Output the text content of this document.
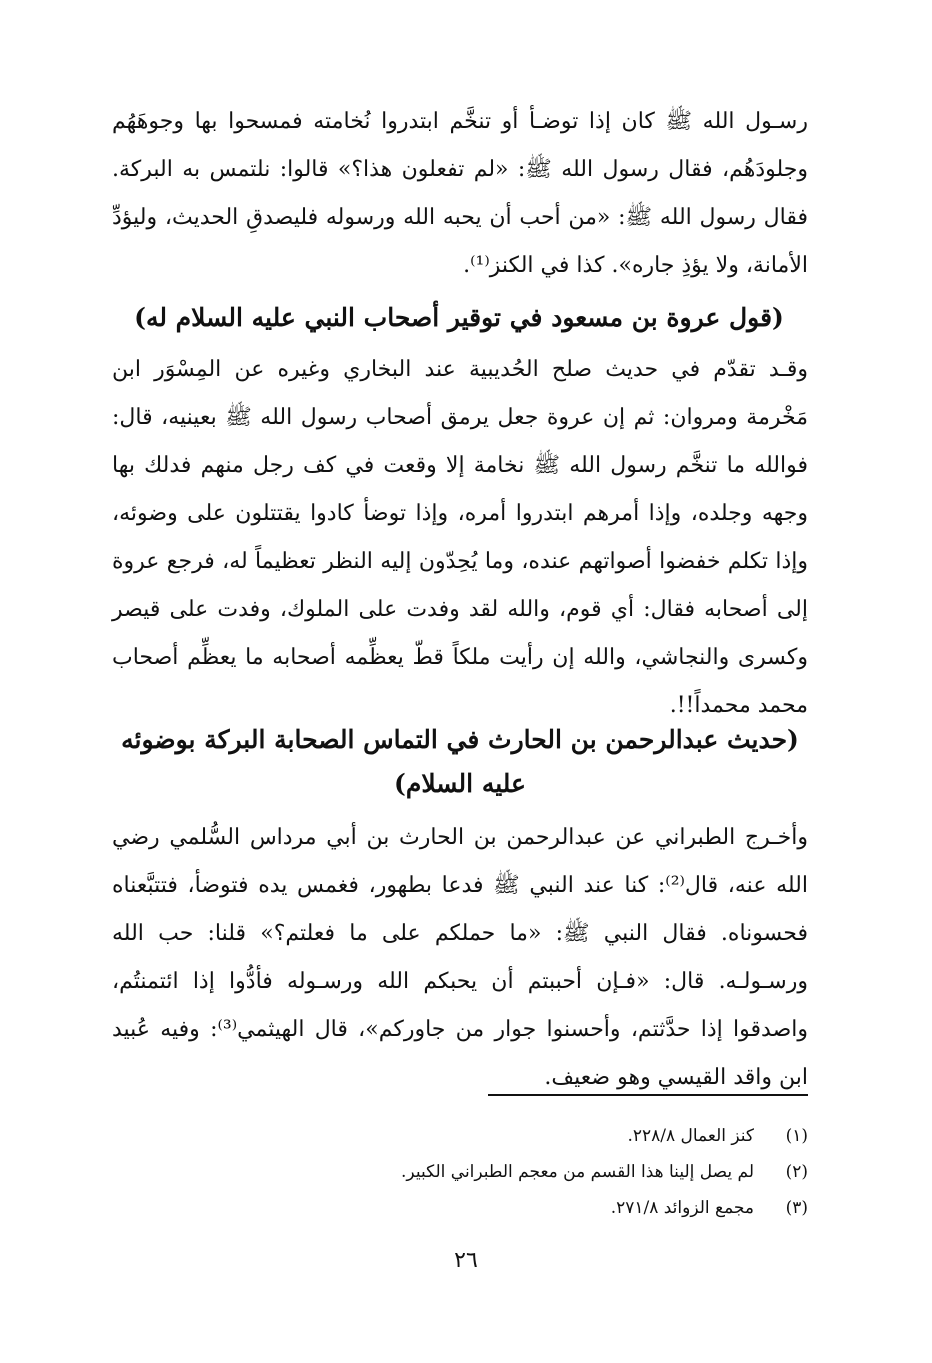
رسـول الله ﷺ كان إذا توضـأ أو تنخَّم ابتدروا نُخامته فمسحوا بها وجوهَهُم وجلودَهُم، فقال رسول الله ﷺ: «لم تفعلون هذا؟» قالوا: نلتمس به البركة. فقال رسول الله ﷺ: «من أحب أن يحبه الله ورسوله فليصدقِ الحديث، وليؤدِّ الأمانة، ولا يؤذِ جاره». كذا في الكنز⁽¹⁾.

(قول عروة بن مسعود في توقير أصحاب النبي عليه السلام له)

وقـد تقدّم في حديث صلح الحُديبية عند البخاري وغيره عن المِسْوَر ابن مَخْرمة ومروان: ثم إن عروة جعل يرمق أصحاب رسول الله ﷺ بعينيه، قال: فوالله ما تنخَّم رسول الله ﷺ نخامة إلا وقعت في كف رجل منهم فدلك بها وجهه وجلده، وإذا أمرهم ابتدروا أمره، وإذا توضأ كادوا يقتتلون على وضوئه، وإذا تكلم خفضوا أصواتهم عنده، وما يُحِدّون إليه النظر تعظيماً له، فرجع عروة إلى أصحابه فقال: أي قوم، والله لقد وفدت على الملوك، وفدت على قيصر وكسرى والنجاشي، والله إن رأيت ملكاً قطّ يعظِّمه أصحابه ما يعظِّم أصحاب محمد محمداً!!.

(حديث عبدالرحمن بن الحارث في التماس الصحابة البركة بوضوئه عليه السلام)

وأخـرج الطبراني عن عبدالرحمن بن الحارث بن أبي مرداس السُّلمي رضي الله عنه، قال⁽²⁾: كنا عند النبي ﷺ فدعا بطهور، فغمس يده فتوضأ، فتتبَّعناه فحسوناه. فقال النبي ﷺ: «ما حملكم على ما فعلتم؟» قلنا: حب الله ورسـولـه. قال: «فـإن أحببتم أن يحبكم الله ورسـوله فأدُّوا إذا ائتمنتُم، واصدقوا إذا حدَّثتم، وأحسنوا جوار من جاوركم»، قال الهيثمي⁽³⁾: وفيه عُبيد ابن واقد القيسي وهو ضعيف.

(١)
كنز العمال ٢٢٨/٨.
(٢)
لم يصل إلينا هذا القسم من معجم الطبراني الكبير.
(٣)
مجمع الزوائد ٢٧١/٨.
٢٦
